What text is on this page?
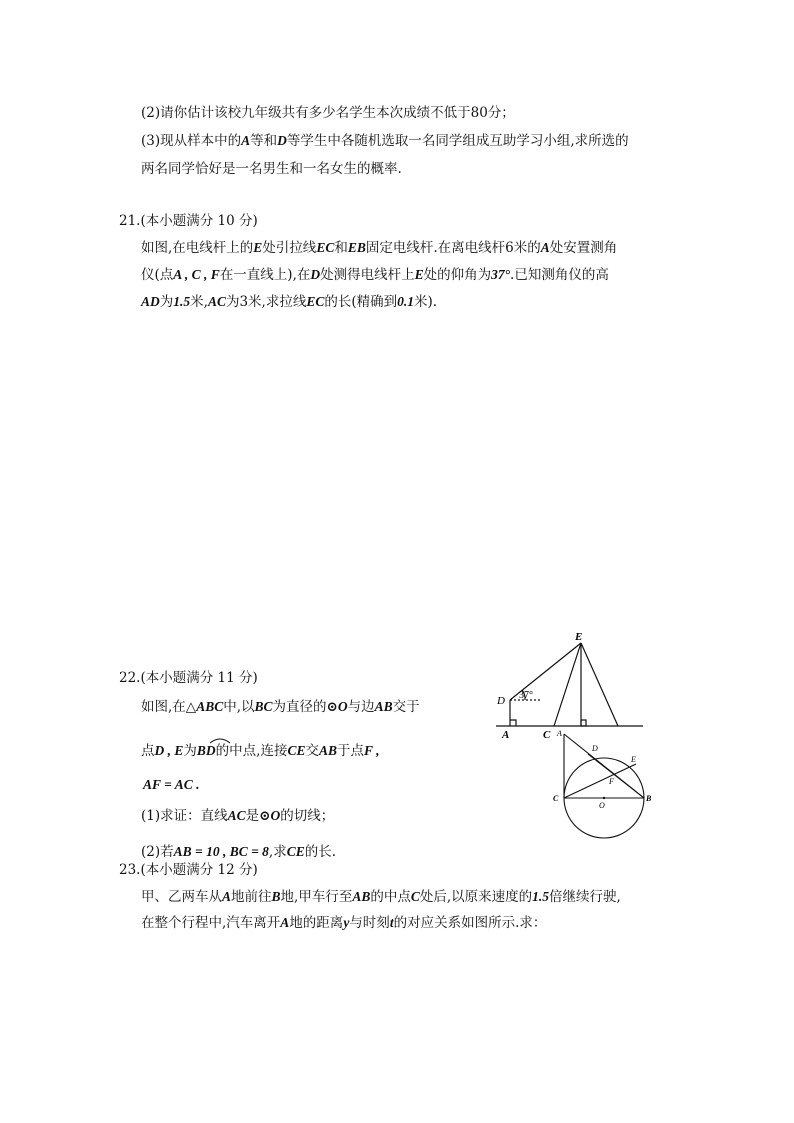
(2)请你估计该校九年级共有多少名学生本次成绩不低于80分；
(3)现从样本中的A等和D等学生中各随机选取一名同学组成互助学习小组,求所选的
两名同学恰好是一名男生和一名女生的概率.
21.(本小题满分 10 分)
如图,在电线杆上的E处引拉线EC和EB固定电线杆.在离电线杆6米的A处安置测角
仪(点A , C , F在一直线上),在D处测得电线杆上E处的仰角为37°.已知测角仪的高
AD为1.5米,AC为3米,求拉线EC的长(精确到0.1米).
E
D
A	C
37°
22.(本小题满分 11 分)
如图,在△ABC中,以BC为直径的⊙O与边AB交于
点D , E为BD的中点,连接CE交AB于点F ,
AF = AC .
(1)求证：直线AC是⊙O的切线；
(2)若AB = 10 , BC = 8,求CE的长.
A
D
E
F
C
O
B
23.(本小题满分 12 分)
甲、乙两车从A地前往B地,甲车行至AB的中点C处后,以原来速度的1.5倍继续行驶,
在整个行程中,汽车离开A地的距离y与时刻t的对应关系如图所示.求：
